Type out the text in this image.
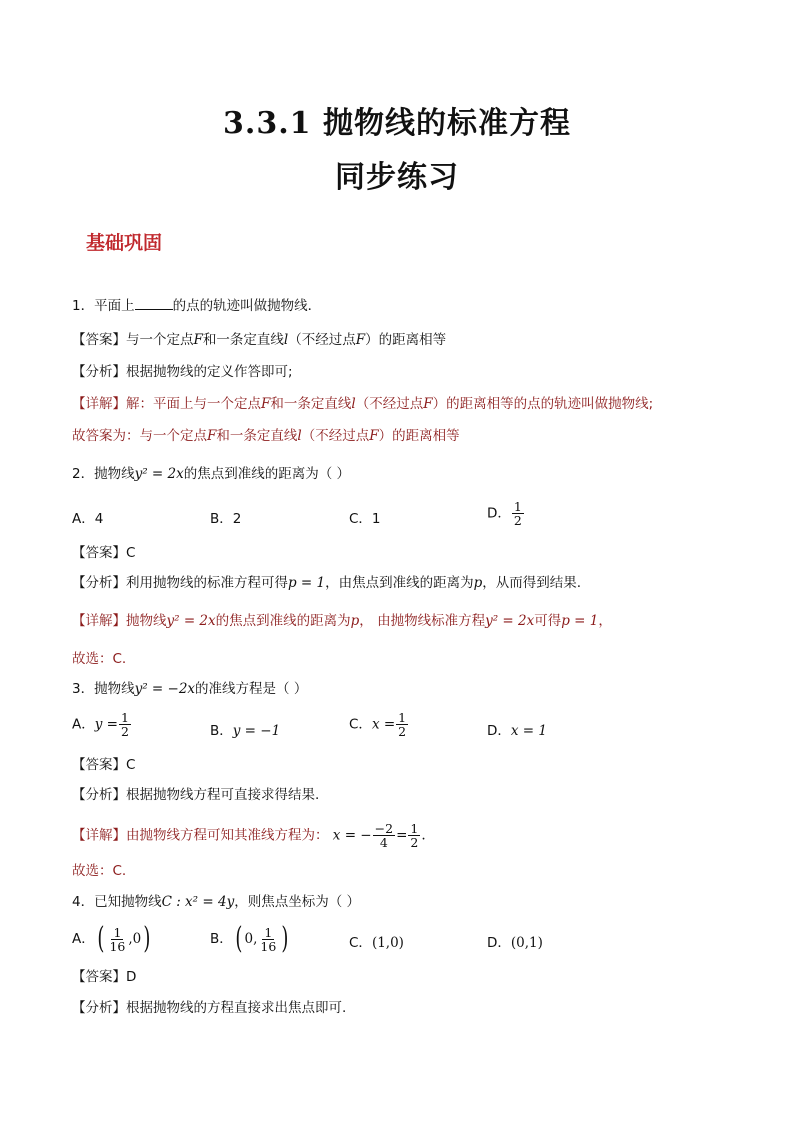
3.3.1 抛物线的标准方程
同步练习
基础巩固
1．平面上	的点的轨迹叫做抛物线．
【答案】与一个定点F和一条定直线l（不经过点F）的距离相等
【分析】根据抛物线的定义作答即可;
【详解】解：平面上与一个定点F和一条定直线l（不经过点F）的距离相等的点的轨迹叫做抛物线;
故答案为：与一个定点F和一条定直线l（不经过点F）的距离相等
2．抛物线y² = 2x的焦点到准线的距离为（ ）
A．4	B．2	C．1	D． $\frac{1}{2}$
【答案】C
【分析】利用抛物线的标准方程可得p = 1，由焦点到准线的距离为p，从而得到结果.
【详解】抛物线y² = 2x的焦点到准线的距离为p， 由抛物线标准方程y² = 2x可得p = 1，
故选：C.
3．抛物线y² = −2x的准线方程是（ ）
A．$y = \frac{1}{2}$	B．y = −1	C．$x = \frac{1}{2}$	D．x = 1
【答案】C
【分析】根据抛物线方程可直接求得结果.
【详解】由抛物线方程可知其准线方程为： x = − $\frac{-2}{4} = \frac{1}{2}$ .
故选：C.
4．已知抛物线C : x² = 4y，则焦点坐标为（ ）
A． ( $\frac{1}{16} ,0$ )	B． ( 0, $\frac{1}{16}$ )	C．(1,0)	D．(0,1)
【答案】D
【分析】根据抛物线的方程直接求出焦点即可.
